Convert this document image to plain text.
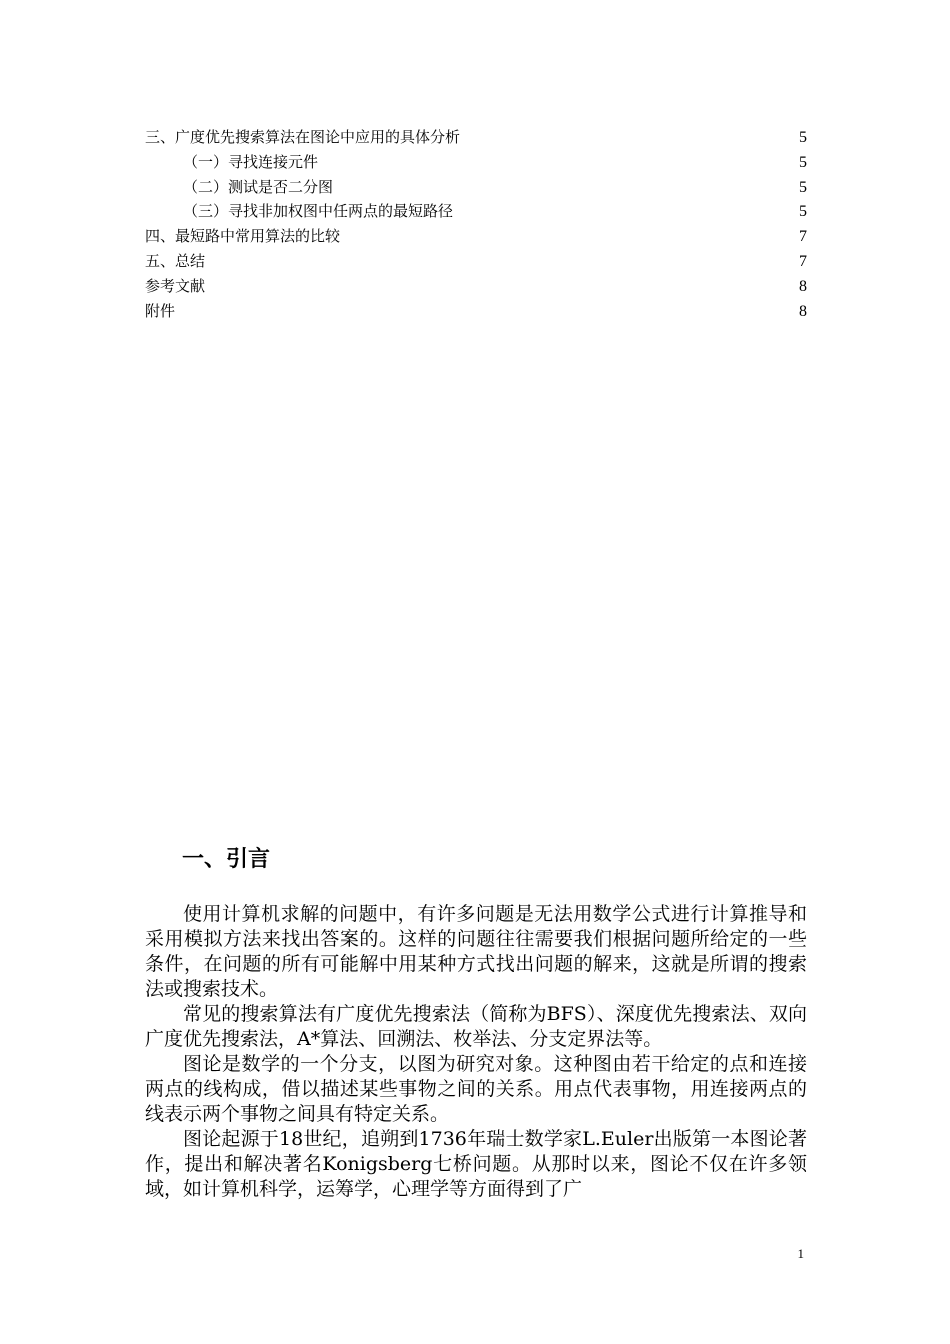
三、广度优先搜索算法在图论中应用的具体分析	5
（一）寻找连接元件	5
（二）测试是否二分图	5
（三）寻找非加权图中任两点的最短路径	5
四、最短路中常用算法的比较	7
五、总结	7
参考文献	8
附件	8
一、引言

使用计算机求解的问题中，有许多问题是无法用数学公式进行计算推导和采用模拟方法来找出答案的。这样的问题往往需要我们根据问题所给定的一些条件，在问题的所有可能解中用某种方式找出问题的解来，这就是所谓的搜索法或搜索技术。

常见的搜索算法有广度优先搜索法（简称为BFS）、深度优先搜索法、双向广度优先搜索法，A*算法、回溯法、枚举法、分支定界法等。

图论是数学的一个分支，以图为研究对象。这种图由若干给定的点和连接两点的线构成，借以描述某些事物之间的关系。用点代表事物，用连接两点的线表示两个事物之间具有特定关系。

图论起源于18世纪，追朔到1736年瑞士数学家L.Euler出版第一本图论著作，提出和解决著名Konigsberg七桥问题。从那时以来，图论不仅在许多领域，如计算机科学，运筹学，心理学等方面得到了广

1
